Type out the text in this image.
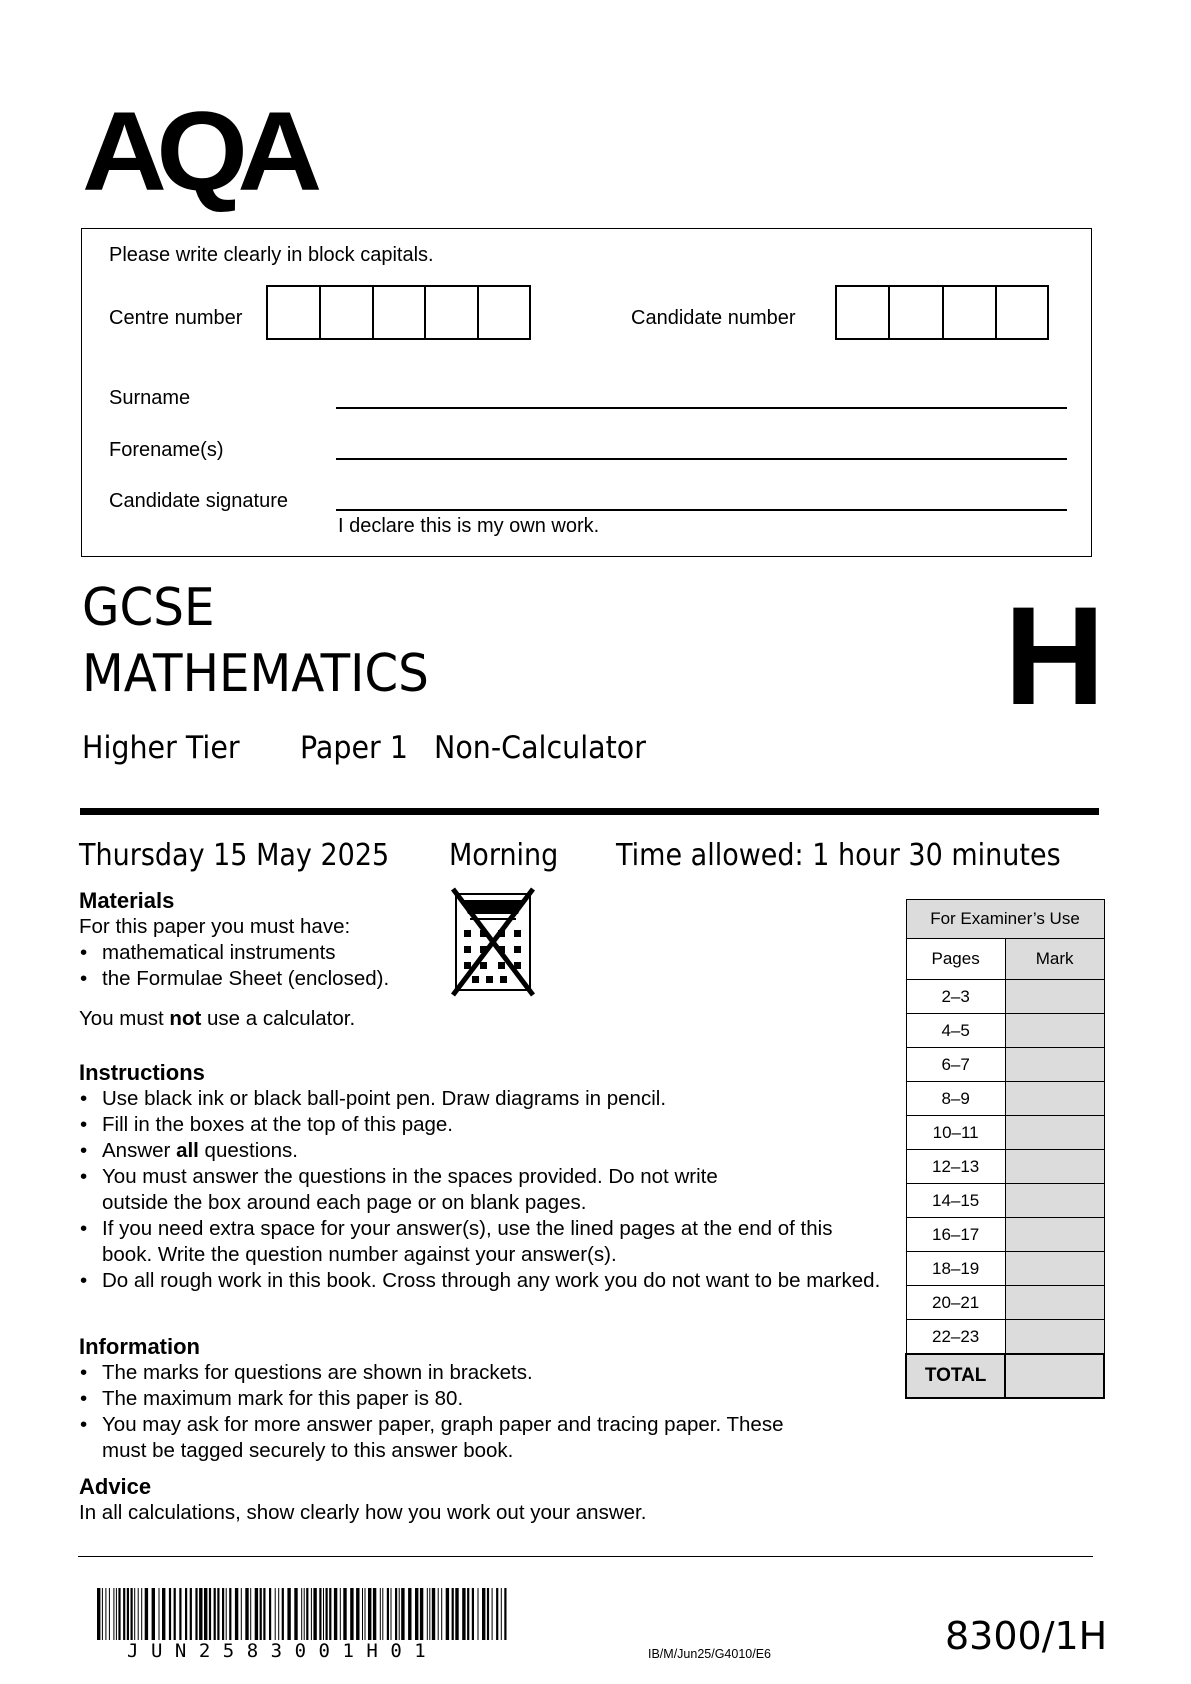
AQA
Please write clearly in block capitals.
Centre number	Candidate number
Surname
Forename(s)
Candidate signature
I declare this is my own work.
GCSE
MATHEMATICS	H
Higher Tier Paper 1 Non-Calculator
Thursday 15 May 2025 Morning Time allowed: 1 hour 30 minutes
Materials
For this paper you must have:
• mathematical instruments
• the Formulae Sheet (enclosed).
You must not use a calculator.
Instructions
• Use black ink or black ball-point pen. Draw diagrams in pencil.
• Fill in the boxes at the top of this page.
• Answer all questions.
• You must answer the questions in the spaces provided. Do not write outside the box around each page or on blank pages.
• If you need extra space for your answer(s), use the lined pages at the end of this book. Write the question number against your answer(s).
• Do all rough work in this book. Cross through any work you do not want to be marked.
Information
• The marks for questions are shown in brackets.
• The maximum mark for this paper is 80.
• You may ask for more answer paper, graph paper and tracing paper. These must be tagged securely to this answer book.
Advice
In all calculations, show clearly how you work out your answer.
For Examiner’s Use	
Pages	Mark
2–3	
4–5	
6–7	
8–9	
10–11	
12–13	
14–15	
16–17	
18–19	
20–21	
22–23	
TOTAL	
JUN2583001H01	IB/M/Jun25/G4010/E6	8300/1H
